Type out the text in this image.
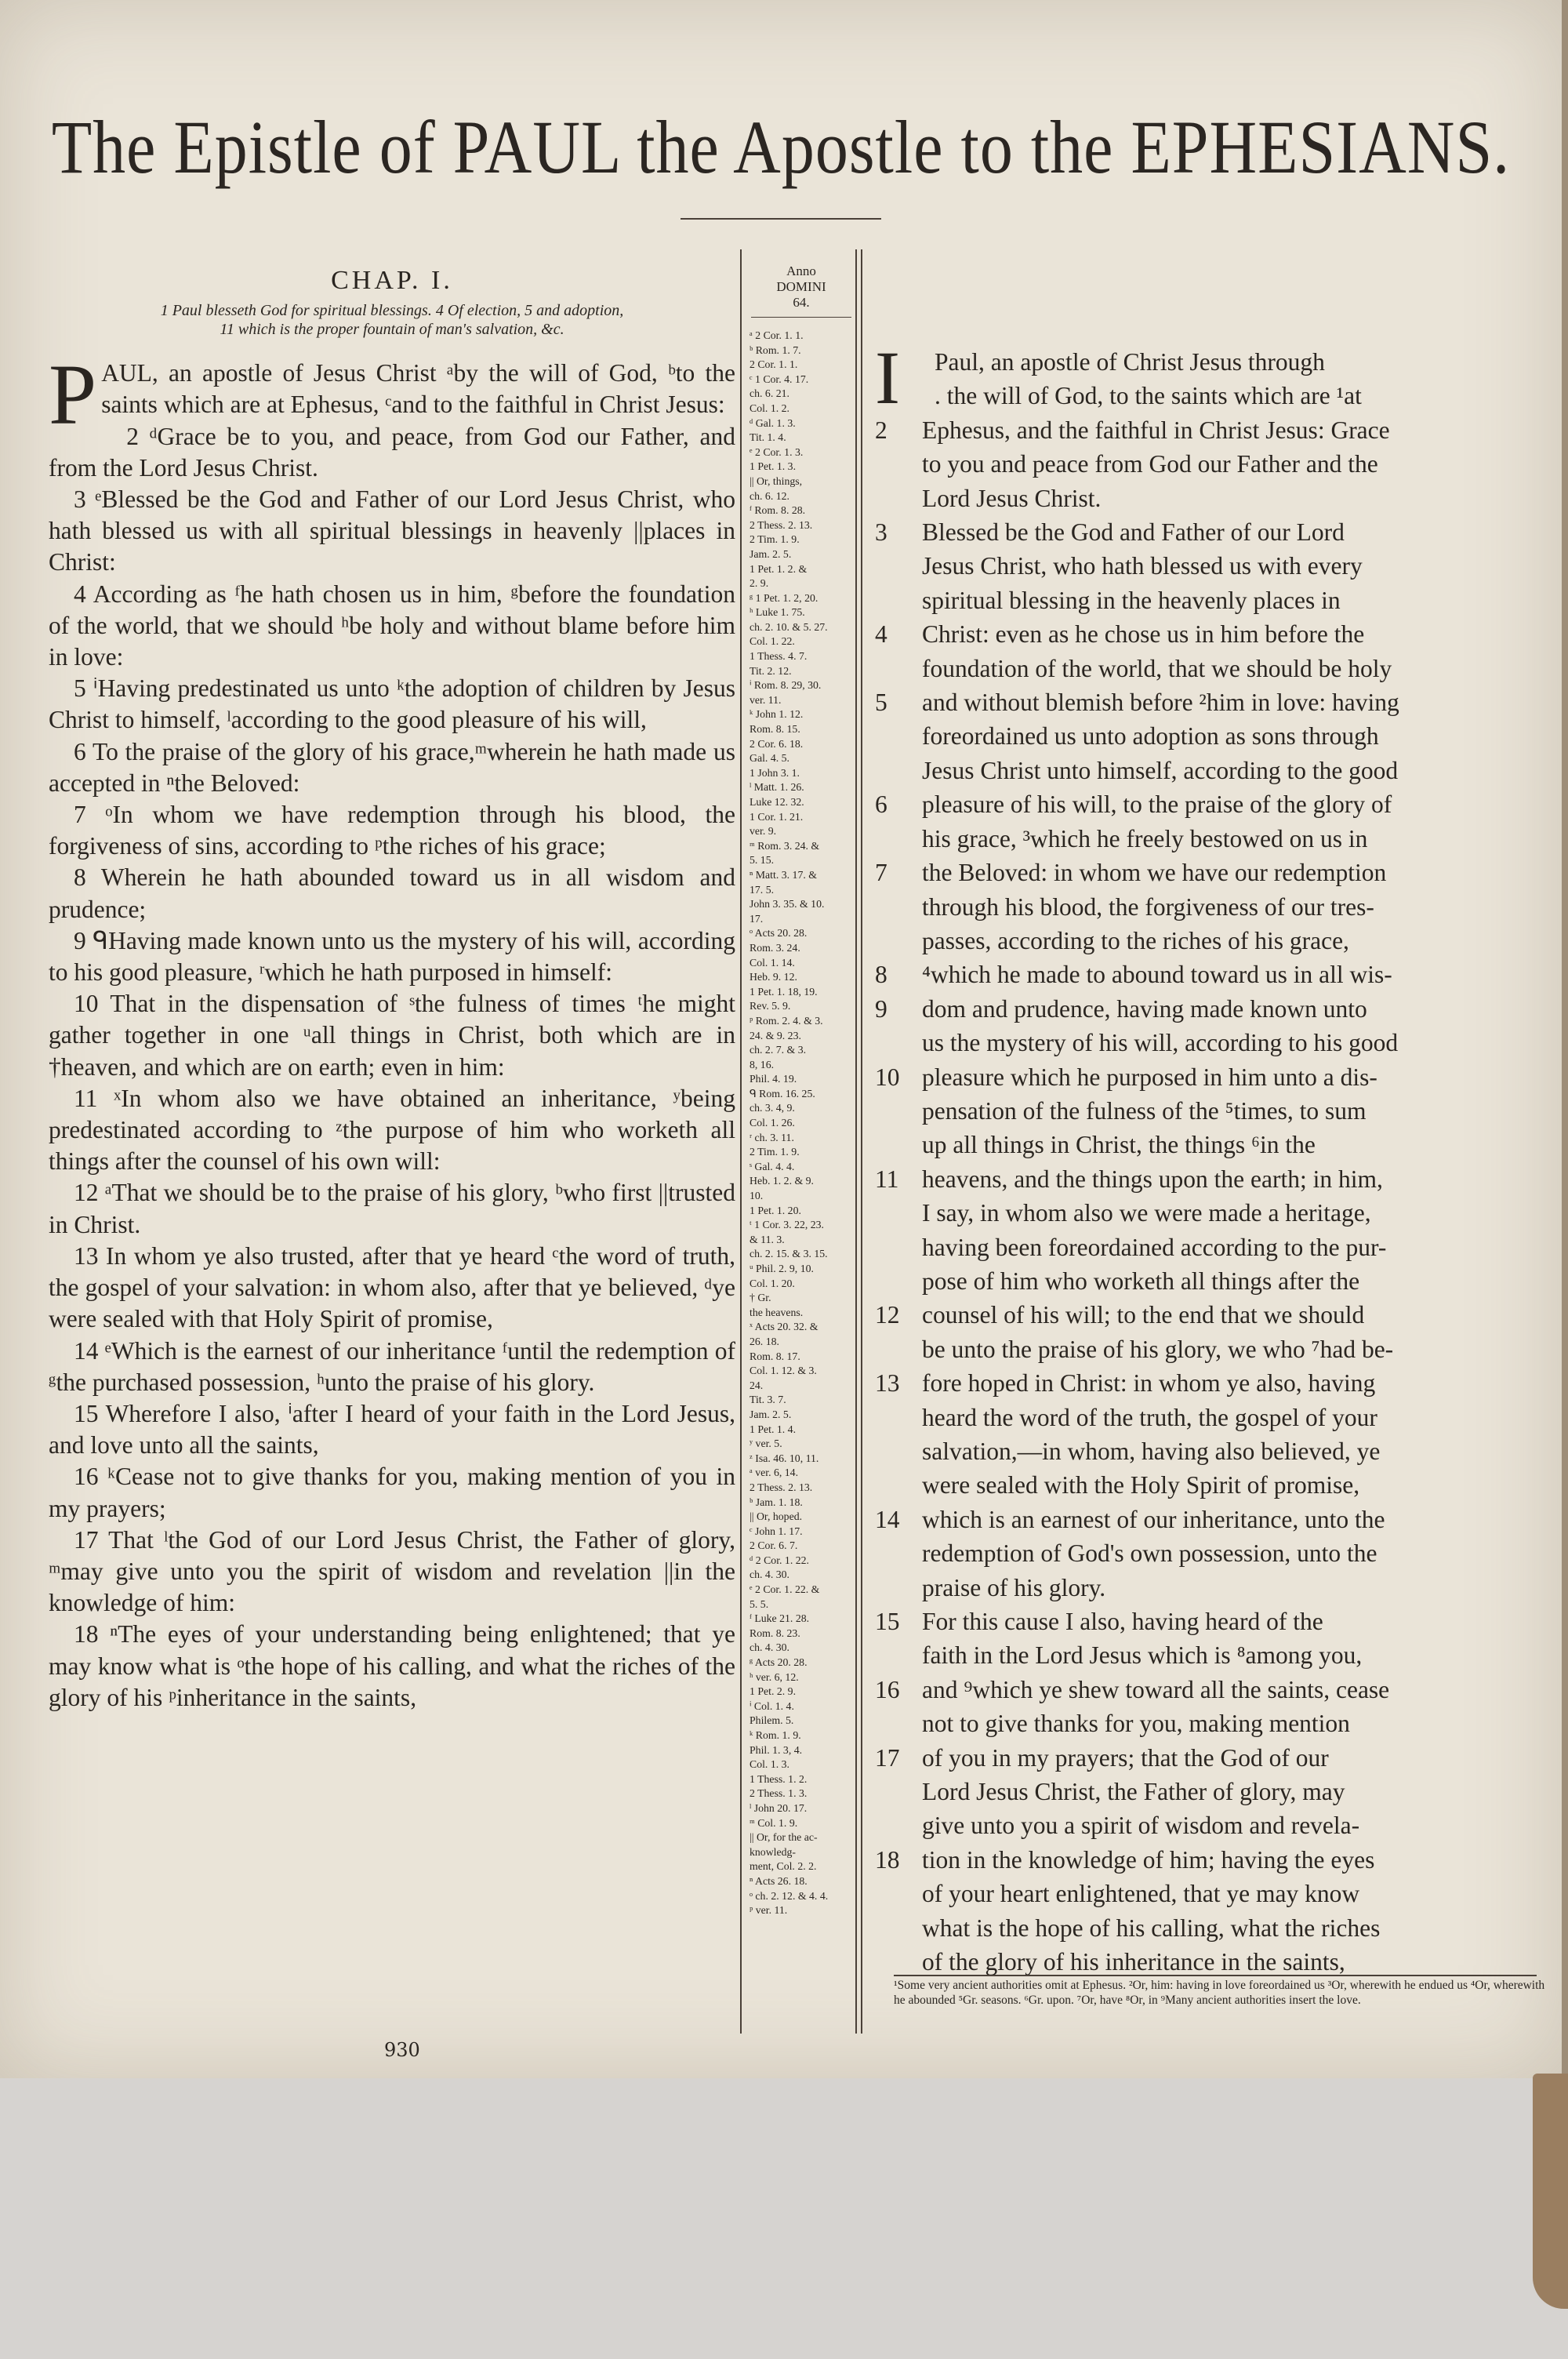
The Epistle of PAUL the Apostle to the EPHESIANS.
CHAP. I.
1 Paul blesseth God for spiritual blessings. 4 Of election, 5 and adoption,
11 which is the proper fountain of man's salvation, &c.
P AUL, an apostle of Jesus Christ ᵃby the will of God, ᵇto the saints which are at Ephesus, ᶜand to the faithful in Christ Jesus:

2 ᵈGrace be to you, and peace, from God our Father, and from the Lord Jesus Christ.

3 ᵉBlessed be the God and Father of our Lord Jesus Christ, who hath blessed us with all spiritual blessings in heavenly ||places in Christ:

4 According as ᶠhe hath chosen us in him, ᵍbefore the foundation of the world, that we should ʰbe holy and without blame before him in love:

5 ⁱHaving predestinated us unto ᵏthe adoption of children by Jesus Christ to himself, ˡaccording to the good pleasure of his will,

6 To the praise of the glory of his grace,ᵐwherein he hath made us accepted in ⁿthe Beloved:

7 ᵒIn whom we have redemption through his blood, the forgiveness of sins, according to ᵖthe riches of his grace;

8 Wherein he hath abounded toward us in all wisdom and prudence;

9 ᑫHaving made known unto us the mystery of his will, according to his good pleasure, ʳwhich he hath purposed in himself:

10 That in the dispensation of ˢthe fulness of times ᵗhe might gather together in one ᵘall things in Christ, both which are in †heaven, and which are on earth; even in him:

11 ˣIn whom also we have obtained an inheritance, ʸbeing predestinated according to ᶻthe purpose of him who worketh all things after the counsel of his own will:

12 ᵃThat we should be to the praise of his glory, ᵇwho first ||trusted in Christ.

13 In whom ye also trusted, after that ye heard ᶜthe word of truth, the gospel of your salvation: in whom also, after that ye believed, ᵈye were sealed with that Holy Spirit of promise,

14 ᵉWhich is the earnest of our inheritance ᶠuntil the redemption of ᵍthe purchased possession, ʰunto the praise of his glory.

15 Wherefore I also, ⁱafter I heard of your faith in the Lord Jesus, and love unto all the saints,

16 ᵏCease not to give thanks for you, making mention of you in my prayers;

17 That ˡthe God of our Lord Jesus Christ, the Father of glory, ᵐmay give unto you the spirit of wisdom and revelation ||in the knowledge of him:

18 ⁿThe eyes of your understanding being enlightened; that ye may know what is ᵒthe hope of his calling, and what the riches of the glory of his ᵖinheritance in the saints,

Anno
DOMINI
64.
ᵃ 2 Cor. 1. 1.
ᵇ Rom. 1. 7.
2 Cor. 1. 1.
ᶜ 1 Cor. 4. 17.
ch. 6. 21.
Col. 1. 2.
ᵈ Gal. 1. 3.
Tit. 1. 4.
ᵉ 2 Cor. 1. 3.
1 Pet. 1. 3.
|| Or, things,
ch. 6. 12.
ᶠ Rom. 8. 28.
2 Thess. 2. 13.
2 Tim. 1. 9.
Jam. 2. 5.
1 Pet. 1. 2. &
2. 9.
ᵍ 1 Pet. 1. 2, 20.
ʰ Luke 1. 75.
ch. 2. 10. & 5. 27.
Col. 1. 22.
1 Thess. 4. 7.
Tit. 2. 12.
ⁱ Rom. 8. 29, 30.
ver. 11.
ᵏ John 1. 12.
Rom. 8. 15.
2 Cor. 6. 18.
Gal. 4. 5.
1 John 3. 1.
ˡ Matt. 1. 26.
Luke 12. 32.
1 Cor. 1. 21.
ver. 9.
ᵐ Rom. 3. 24. &
5. 15.
ⁿ Matt. 3. 17. &
17. 5.
John 3. 35. & 10.
17.
ᵒ Acts 20. 28.
Rom. 3. 24.
Col. 1. 14.
Heb. 9. 12.
1 Pet. 1. 18, 19.
Rev. 5. 9.
ᵖ Rom. 2. 4. & 3.
24. & 9. 23.
ch. 2. 7. & 3.
8, 16.
Phil. 4. 19.
ᑫ Rom. 16. 25.
ch. 3. 4, 9.
Col. 1. 26.
ʳ ch. 3. 11.
2 Tim. 1. 9.
ˢ Gal. 4. 4.
Heb. 1. 2. & 9.
10.
1 Pet. 1. 20.
ᵗ 1 Cor. 3. 22, 23.
& 11. 3.
ch. 2. 15. & 3. 15.
ᵘ Phil. 2. 9, 10.
Col. 1. 20.
† Gr.
the heavens.
ˣ Acts 20. 32. &
26. 18.
Rom. 8. 17.
Col. 1. 12. & 3.
24.
Tit. 3. 7.
Jam. 2. 5.
1 Pet. 1. 4.
ʸ ver. 5.
ᶻ Isa. 46. 10, 11.
ᵃ ver. 6, 14.
2 Thess. 2. 13.
ᵇ Jam. 1. 18.
|| Or, hoped.
ᶜ John 1. 17.
2 Cor. 6. 7.
ᵈ 2 Cor. 1. 22.
ch. 4. 30.
ᵉ 2 Cor. 1. 22. &
5. 5.
ᶠ Luke 21. 28.
Rom. 8. 23.
ch. 4. 30.
ᵍ Acts 20. 28.
ʰ ver. 6, 12.
1 Pet. 2. 9.
ⁱ Col. 1. 4.
Philem. 5.
ᵏ Rom. 1. 9.
Phil. 1. 3, 4.
Col. 1. 3.
1 Thess. 1. 2.
2 Thess. 1. 3.
ˡ John 20. 17.
ᵐ Col. 1. 9.
|| Or, for the ac-
knowledg-
ment, Col. 2. 2.
ⁿ Acts 26. 18.
ᵒ ch. 2. 12. & 4. 4.
ᵖ ver. 11.
930
I	Paul, an apostle of Christ Jesus through
. the will of God, to the saints which are ¹at
2 Ephesus, and the faithful in Christ Jesus: Grace
to you and peace from God our Father and the
Lord Jesus Christ.
3 Blessed be the God and Father of our Lord
Jesus Christ, who hath blessed us with every
spiritual blessing in the heavenly places in
4 Christ: even as he chose us in him before the
foundation of the world, that we should be holy
5 and without blemish before ²him in love: having
foreordained us unto adoption as sons through
Jesus Christ unto himself, according to the good
6 pleasure of his will, to the praise of the glory of
his grace, ³which he freely bestowed on us in
7 the Beloved: in whom we have our redemption
through his blood, the forgiveness of our tres-
passes, according to the riches of his grace,
8 ⁴which he made to abound toward us in all wis-
9 dom and prudence, having made known unto
us the mystery of his will, according to his good
10 pleasure which he purposed in him unto a dis-
pensation of the fulness of the ⁵times, to sum
up all things in Christ, the things ⁶in the
11 heavens, and the things upon the earth; in him,
I say, in whom also we were made a heritage,
having been foreordained according to the pur-
pose of him who worketh all things after the
12 counsel of his will; to the end that we should
be unto the praise of his glory, we who ⁷had be-
13 fore hoped in Christ: in whom ye also, having
heard the word of the truth, the gospel of your
salvation,—in whom, having also believed, ye
were sealed with the Holy Spirit of promise,
14 which is an earnest of our inheritance, unto the
redemption of God's own possession, unto the
praise of his glory.
15 For this cause I also, having heard of the
faith in the Lord Jesus which is ⁸among you,
16 and ⁹which ye shew toward all the saints, cease
not to give thanks for you, making mention
17 of you in my prayers; that the God of our
Lord Jesus Christ, the Father of glory, may
give unto you a spirit of wisdom and revela-
18 tion in the knowledge of him; having the eyes
of your heart enlightened, that ye may know
what is the hope of his calling, what the riches
of the glory of his inheritance in the saints,
¹Some very ancient authorities omit at Ephesus. ²Or, him: having in love foreordained us ³Or, wherewith he endued us ⁴Or, wherewith he abounded ⁵Gr. seasons. ⁶Gr. upon. ⁷Or, have ⁸Or, in ⁹Many ancient authorities insert the love.
